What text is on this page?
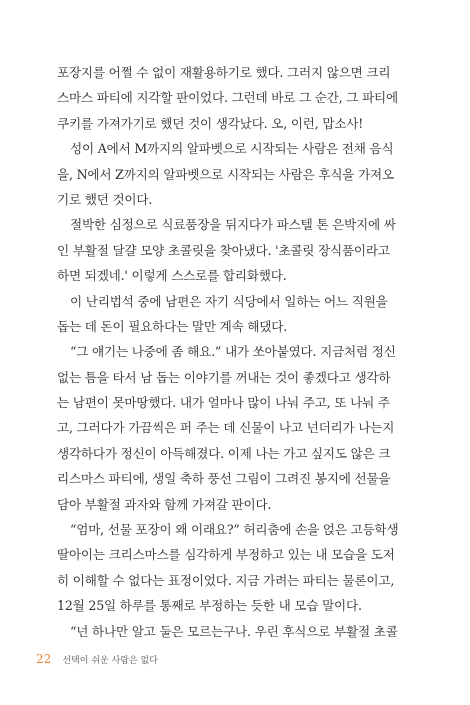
포장지를 어쩔 수 없이 재활용하기로 했다. 그러지 않으면 크리
스마스 파티에 지각할 판이었다. 그런데 바로 그 순간, 그 파티에
쿠키를 가져가기로 했던 것이 생각났다. 오, 이런, 맙소사!
성이 A에서 M까지의 알파벳으로 시작되는 사람은 전채 음식
을, N에서 Z까지의 알파벳으로 시작되는 사람은 후식을 가져오
기로 했던 것이다.
절박한 심정으로 식료품장을 뒤지다가 파스텔 톤 은박지에 싸
인 부활절 달걀 모양 초콜릿을 찾아냈다. '초콜릿 장식품이라고
하면 되겠네.' 이렇게 스스로를 합리화했다.
이 난리법석 중에 남편은 자기 식당에서 일하는 어느 직원을
돕는 데 돈이 필요하다는 말만 계속 해댔다.
“그 얘기는 나중에 좀 해요.” 내가 쏘아붙였다. 지금처럼 정신
없는 틈을 타서 남 돕는 이야기를 꺼내는 것이 좋겠다고 생각하
는 남편이 못마땅했다. 내가 얼마나 많이 나눠 주고, 또 나눠 주
고, 그러다가 가끔씩은 퍼 주는 데 신물이 나고 넌더리가 나는지
생각하다가 정신이 아득해졌다. 이제 나는 가고 싶지도 않은 크
리스마스 파티에, 생일 축하 풍선 그림이 그려진 봉지에 선물을
담아 부활절 과자와 함께 가져갈 판이다.
“엄마, 선물 포장이 왜 이래요?” 허리춤에 손을 얹은 고등학생
딸아이는 크리스마스를 심각하게 부정하고 있는 내 모습을 도저
히 이해할 수 없다는 표정이었다. 지금 가려는 파티는 물론이고,
12월 25일 하루를 통째로 부정하는 듯한 내 모습 말이다.
“넌 하나만 알고 둘은 모르는구나. 우린 후식으로 부활절 초콜
22 선택이 쉬운 사람은 없다
